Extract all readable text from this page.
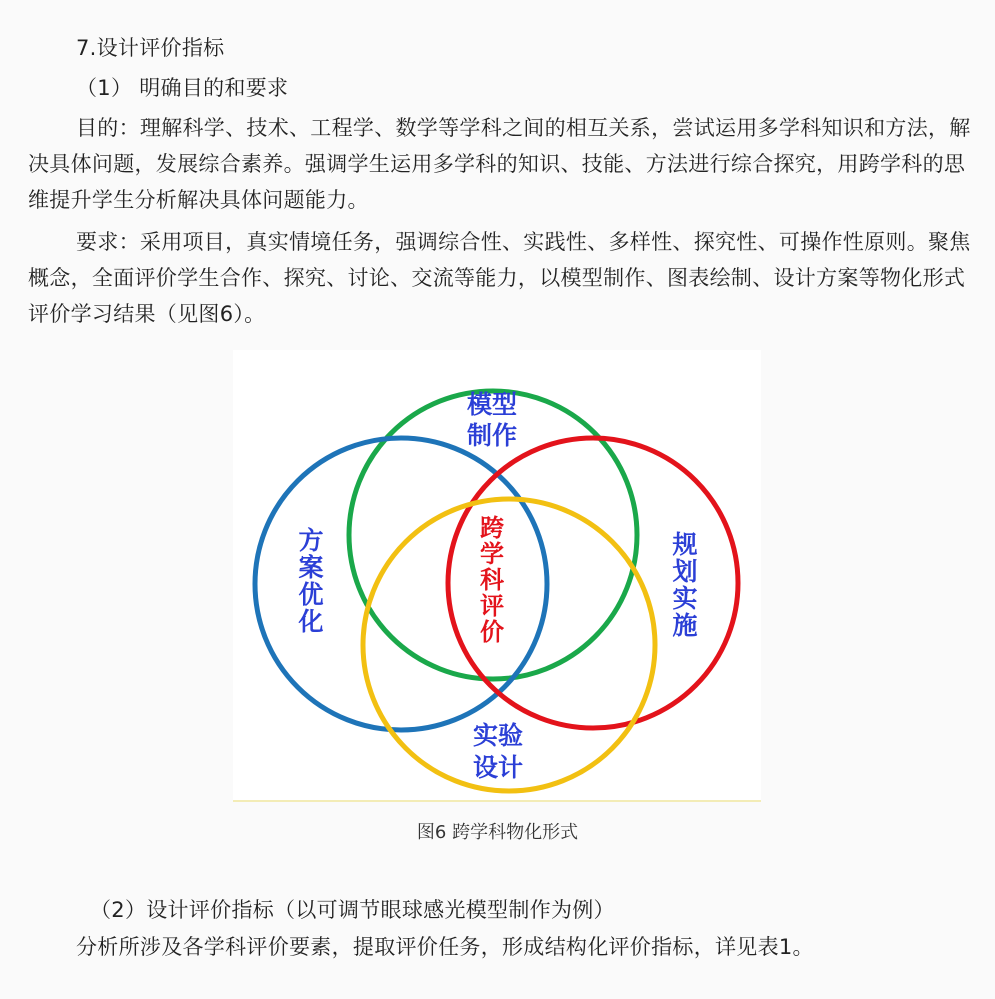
7.设计评价指标
（1） 明确目的和要求
目的：理解科学、技术、工程学、数学等学科之间的相互关系，尝试运用多学科知识和方法，解决具体问题，发展综合素养。强调学生运用多学科的知识、技能、方法进行综合探究，用跨学科的思维提升学生分析解决具体问题能力。
要求：采用项目，真实情境任务，强调综合性、实践性、多样性、探究性、可操作性原则。聚焦概念，全面评价学生合作、探究、讨论、交流等能力，以模型制作、图表绘制、设计方案等物化形式评价学习结果（见图6）。
模型
制作
方
案
优
化
规
划
实
施
实验
设计
跨
学
科
评
价
图6 跨学科物化形式
（2）设计评价指标（以可调节眼球感光模型制作为例）
分析所涉及各学科评价要素，提取评价任务，形成结构化评价指标，详见表1。
